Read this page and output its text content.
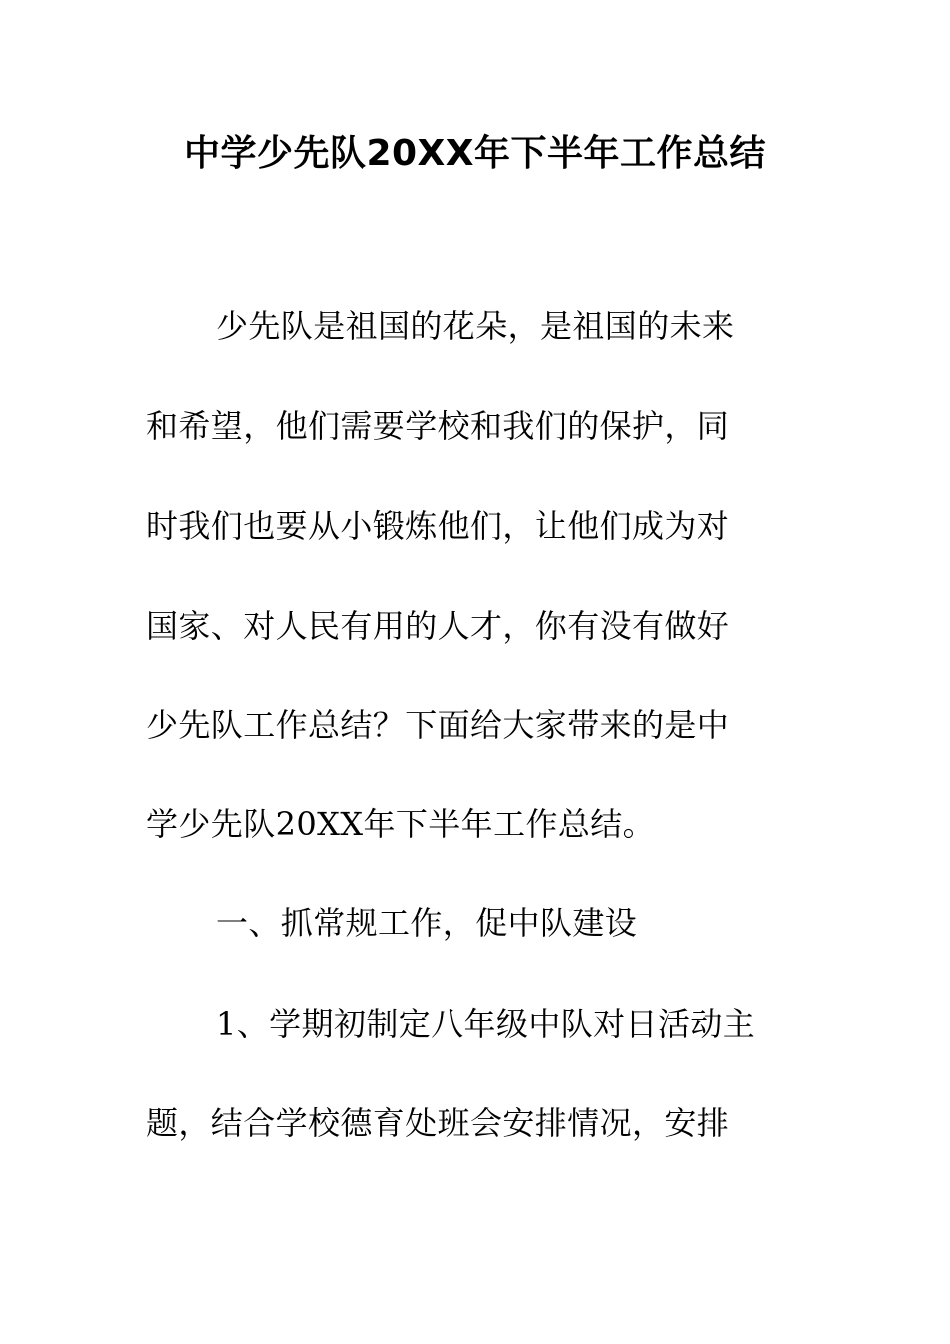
中学少先队20XX年下半年工作总结
少先队是祖国的花朵，是祖国的未来
和希望，他们需要学校和我们的保护，同
时我们也要从小锻炼他们，让他们成为对
国家、对人民有用的人才，你有没有做好
少先队工作总结？下面给大家带来的是中
学少先队20XX年下半年工作总结。
一、抓常规工作，促中队建设
1、学期初制定八年级中队对日活动主
题，结合学校德育处班会安排情况，安排
